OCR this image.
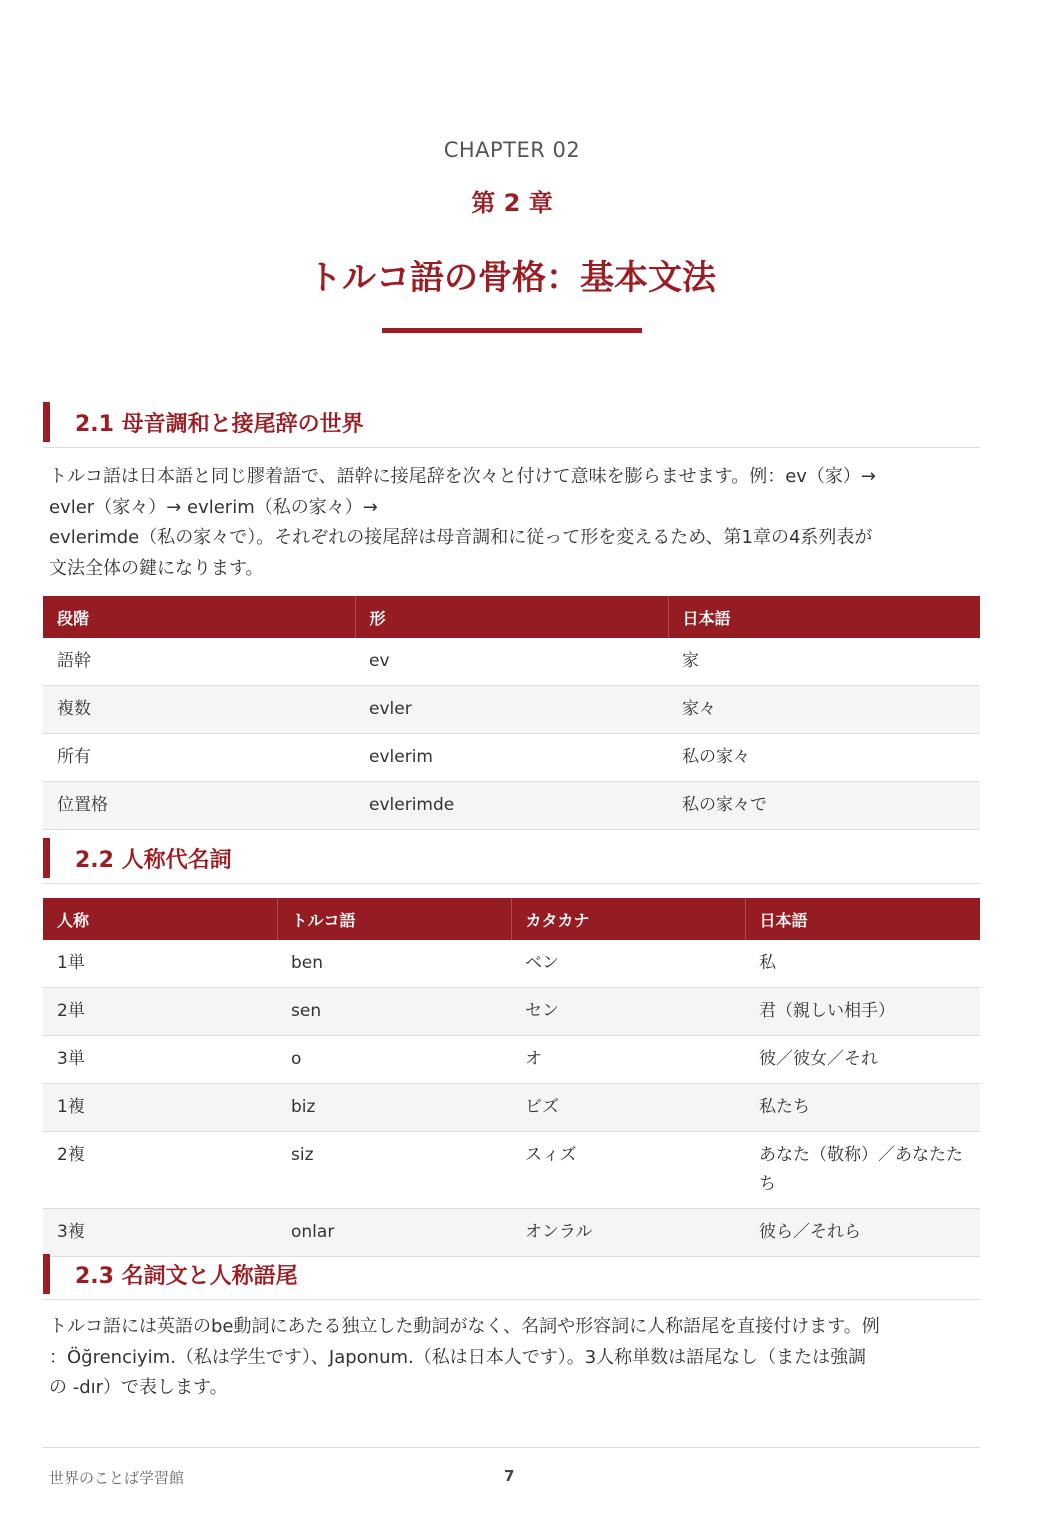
CHAPTER 02
第 2 章
トルコ語の骨格：基本文法
2.1 母音調和と接尾辞の世界

トルコ語は日本語と同じ膠着語で、語幹に接尾辞を次々と付けて意味を膨らませます。例：ev（家）→

evler（家々）→ evlerim（私の家々）→

evlerimde（私の家々で）。それぞれの接尾辞は母音調和に従って形を変えるため、第1章の4系列表が

文法全体の鍵になります。

段階	形	日本語
語幹	ev	家
複数	evler	家々
所有	evlerim	私の家々
位置格	evlerimde	私の家々で
2.2 人称代名詞
人称	トルコ語	カタカナ	日本語
1単	ben	ベン	私
2単	sen	セン	君（親しい相手）
3単	o	オ	彼／彼女／それ
1複	biz	ビズ	私たち
2複	siz	スィズ	あなた（敬称）／あなたたち
3複	onlar	オンラル	彼ら／それら
2.3 名詞文と人称語尾

トルコ語には英語のbe動詞にあたる独立した動詞がなく、名詞や形容詞に人称語尾を直接付けます。例

：Öğrenciyim.（私は学生です）、Japonum.（私は日本人です）。3人称単数は語尾なし（または強調

の -dır）で表します。

世界のことば学習館	7
